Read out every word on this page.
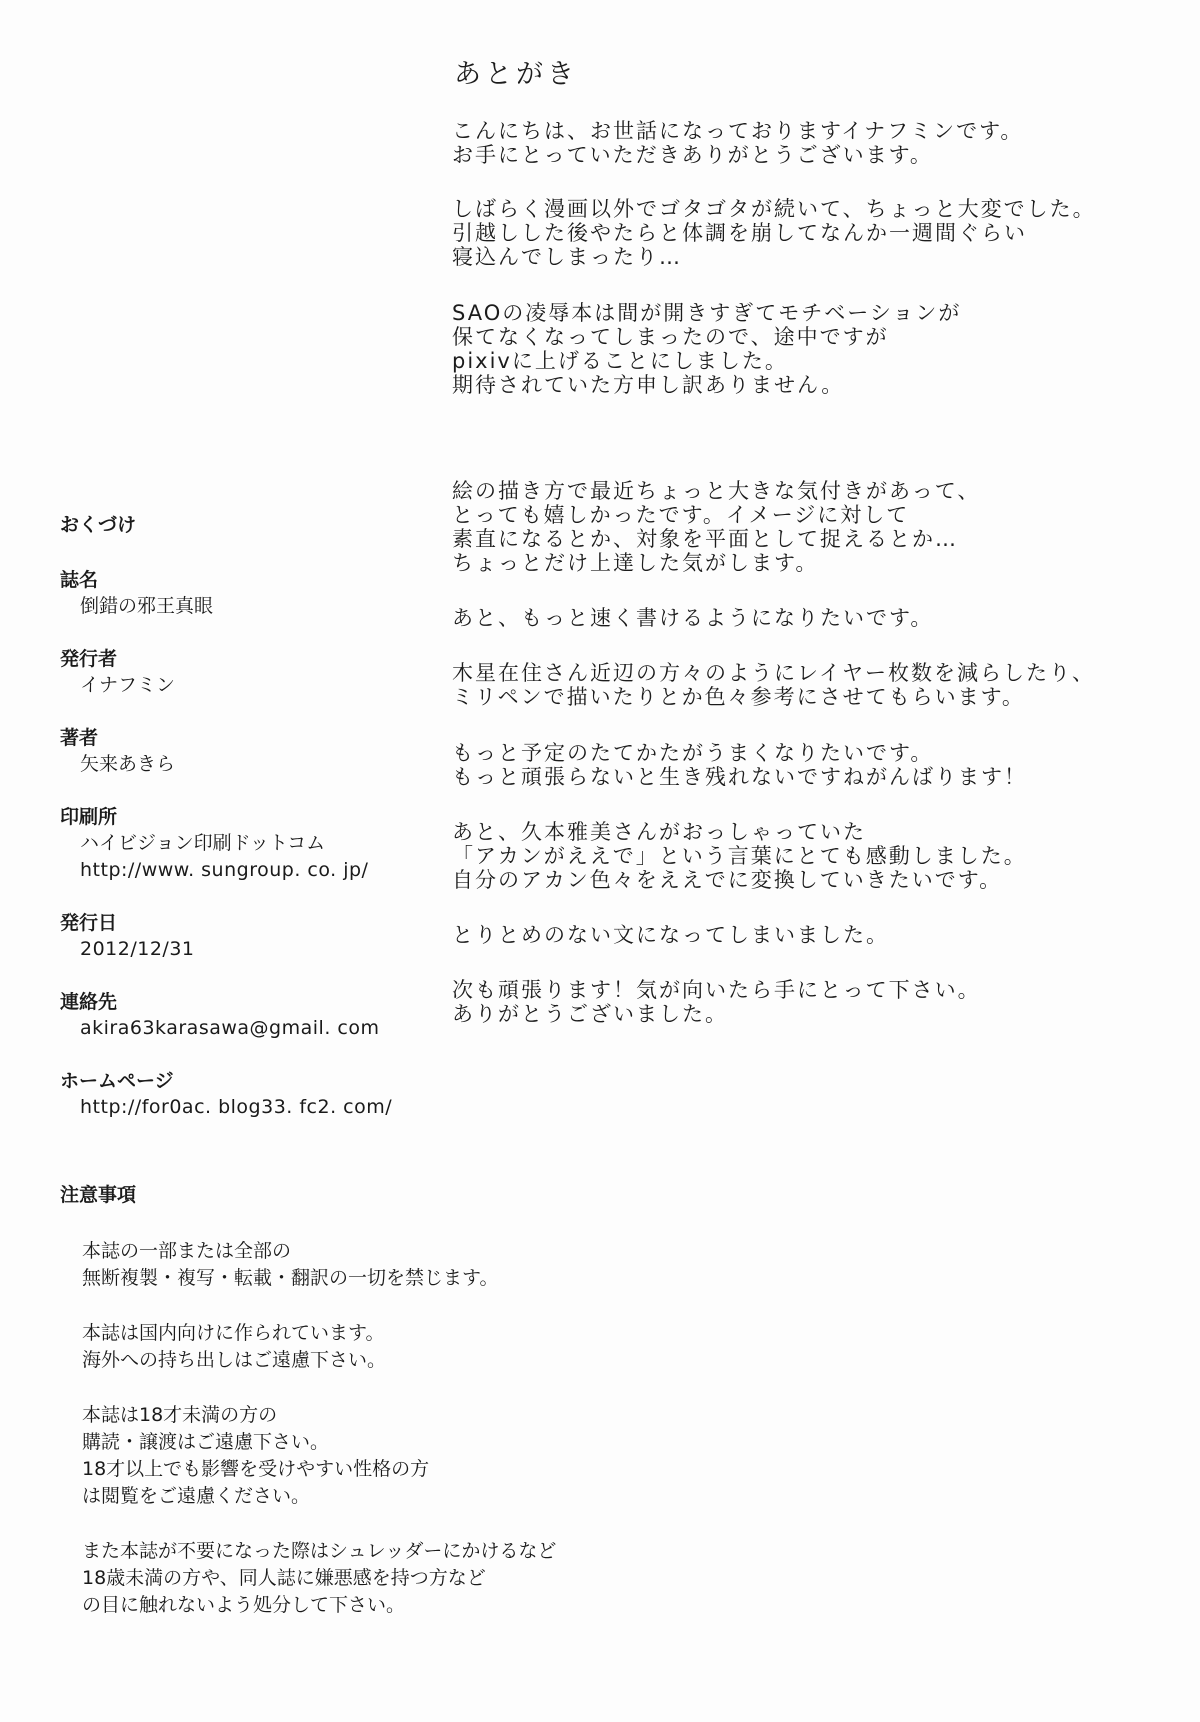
あとがき
こんにちは、お世話になっておりますイナフミンです。
お手にとっていただきありがとうございます。
しばらく漫画以外でゴタゴタが続いて、ちょっと大変でした。
引越しした後やたらと体調を崩してなんか一週間ぐらい
寝込んでしまったり…
SAOの凌辱本は間が開きすぎてモチベーションが
保てなくなってしまったので、途中ですが
pixivに上げることにしました。
期待されていた方申し訳ありません。
絵の描き方で最近ちょっと大きな気付きがあって、
とっても嬉しかったです。イメージに対して
素直になるとか、対象を平面として捉えるとか…
ちょっとだけ上達した気がします。
あと、もっと速く書けるようになりたいです。
木星在住さん近辺の方々のようにレイヤー枚数を減らしたり、
ミリペンで描いたりとか色々参考にさせてもらいます。
もっと予定のたてかたがうまくなりたいです。
もっと頑張らないと生き残れないですねがんばります！
あと、久本雅美さんがおっしゃっていた
「アカンがええで」という言葉にとても感動しました。
自分のアカン色々をええでに変換していきたいです。
とりとめのない文になってしまいました。
次も頑張ります！気が向いたら手にとって下さい。
ありがとうございました。
おくづけ
誌名
倒錯の邪王真眼
発行者
イナフミン
著者
矢来あきら
印刷所
ハイビジョン印刷ドットコム
http://www. sungroup. co. jp/
発行日
2012/12/31
連絡先
akira63karasawa@gmail. com
ホームページ
http://for0ac. blog33. fc2. com/
注意事項
本誌の一部または全部の
無断複製・複写・転載・翻訳の一切を禁じます。
本誌は国内向けに作られています。
海外への持ち出しはご遠慮下さい。
本誌は18才未満の方の
購読・譲渡はご遠慮下さい。
18才以上でも影響を受けやすい性格の方
は閲覧をご遠慮ください。
また本誌が不要になった際はシュレッダーにかけるなど
18歳未満の方や、同人誌に嫌悪感を持つ方など
の目に触れないよう処分して下さい。
